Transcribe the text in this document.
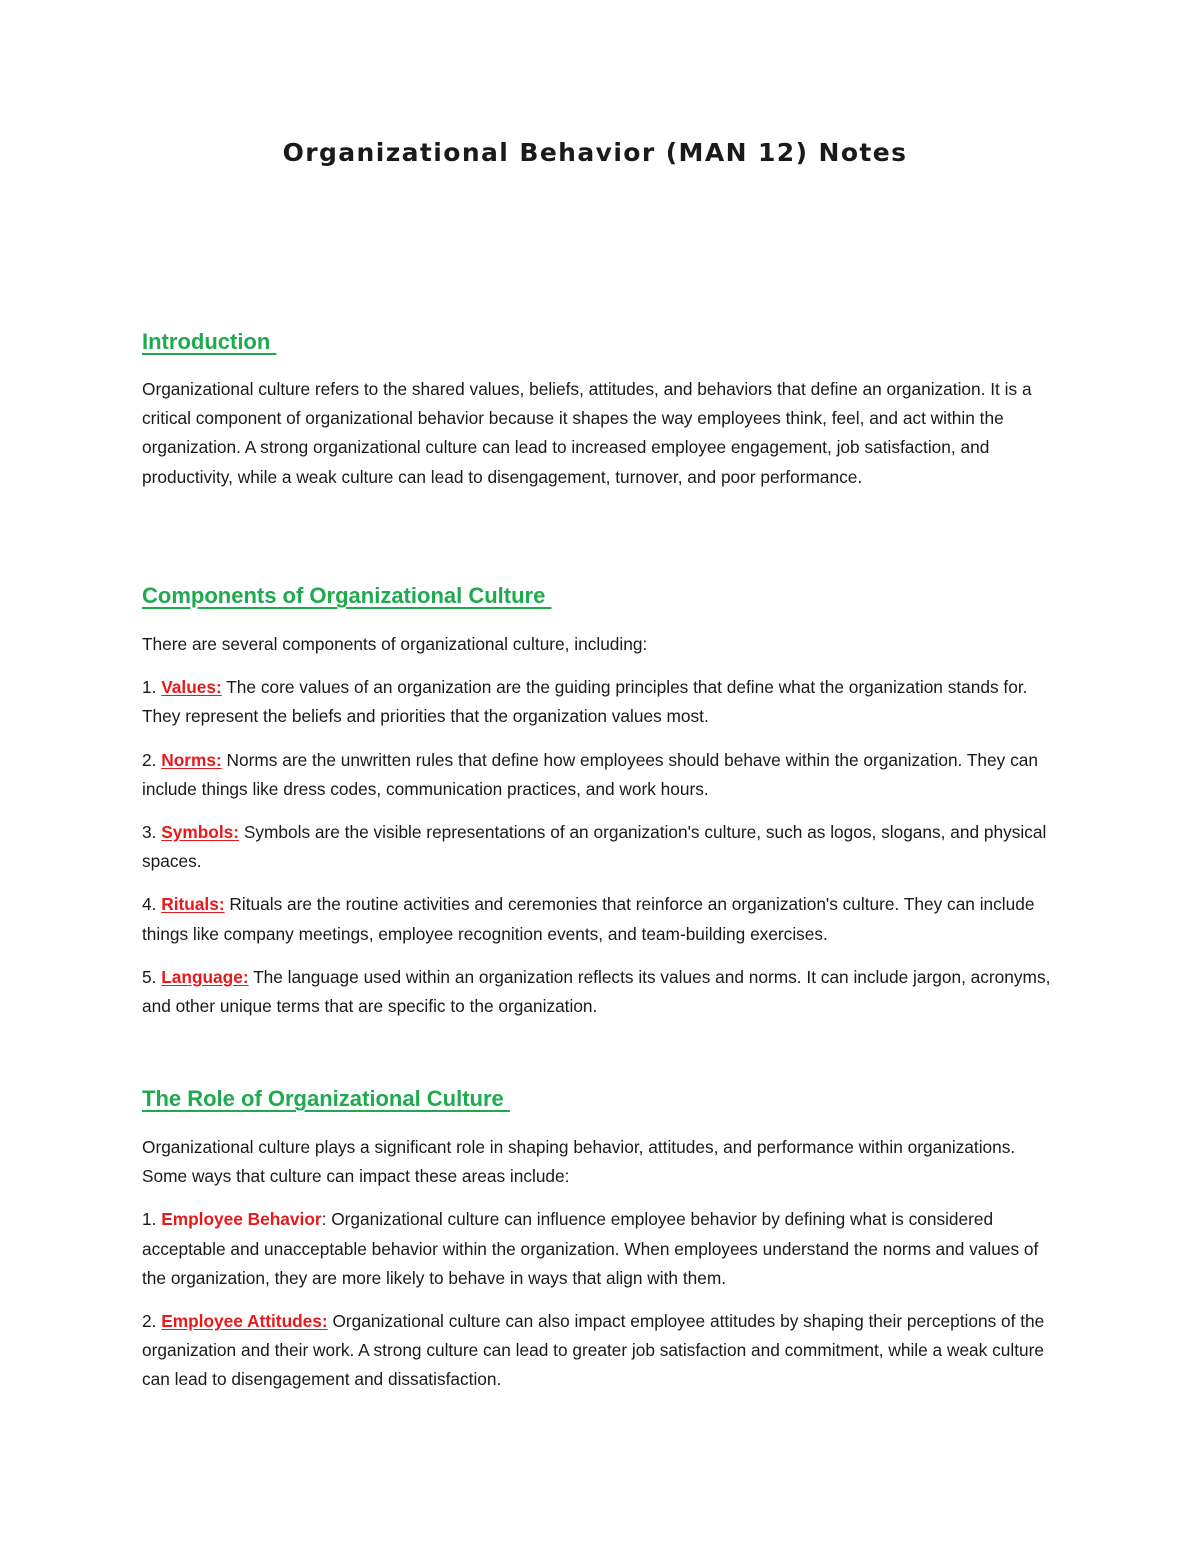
Organizational Behavior (MAN 12) Notes
Introduction

Organizational culture refers to the shared values, beliefs, attitudes, and behaviors that define an organization. It is a critical component of organizational behavior because it shapes the way employees think, feel, and act within the organization. A strong organizational culture can lead to increased employee engagement, job satisfaction, and productivity, while a weak culture can lead to disengagement, turnover, and poor performance.

Components of Organizational Culture

There are several components of organizational culture, including:

1. Values: The core values of an organization are the guiding principles that define what the organization stands for. They represent the beliefs and priorities that the organization values most.

2. Norms: Norms are the unwritten rules that define how employees should behave within the organization. They can include things like dress codes, communication practices, and work hours.

3. Symbols: Symbols are the visible representations of an organization's culture, such as logos, slogans, and physical spaces.

4. Rituals: Rituals are the routine activities and ceremonies that reinforce an organization's culture. They can include things like company meetings, employee recognition events, and team-building exercises.

5. Language: The language used within an organization reflects its values and norms. It can include jargon, acronyms, and other unique terms that are specific to the organization.

The Role of Organizational Culture

Organizational culture plays a significant role in shaping behavior, attitudes, and performance within organizations. Some ways that culture can impact these areas include:

1. Employee Behavior: Organizational culture can influence employee behavior by defining what is considered acceptable and unacceptable behavior within the organization. When employees understand the norms and values of the organization, they are more likely to behave in ways that align with them.

2. Employee Attitudes: Organizational culture can also impact employee attitudes by shaping their perceptions of the organization and their work. A strong culture can lead to greater job satisfaction and commitment, while a weak culture can lead to disengagement and dissatisfaction.
